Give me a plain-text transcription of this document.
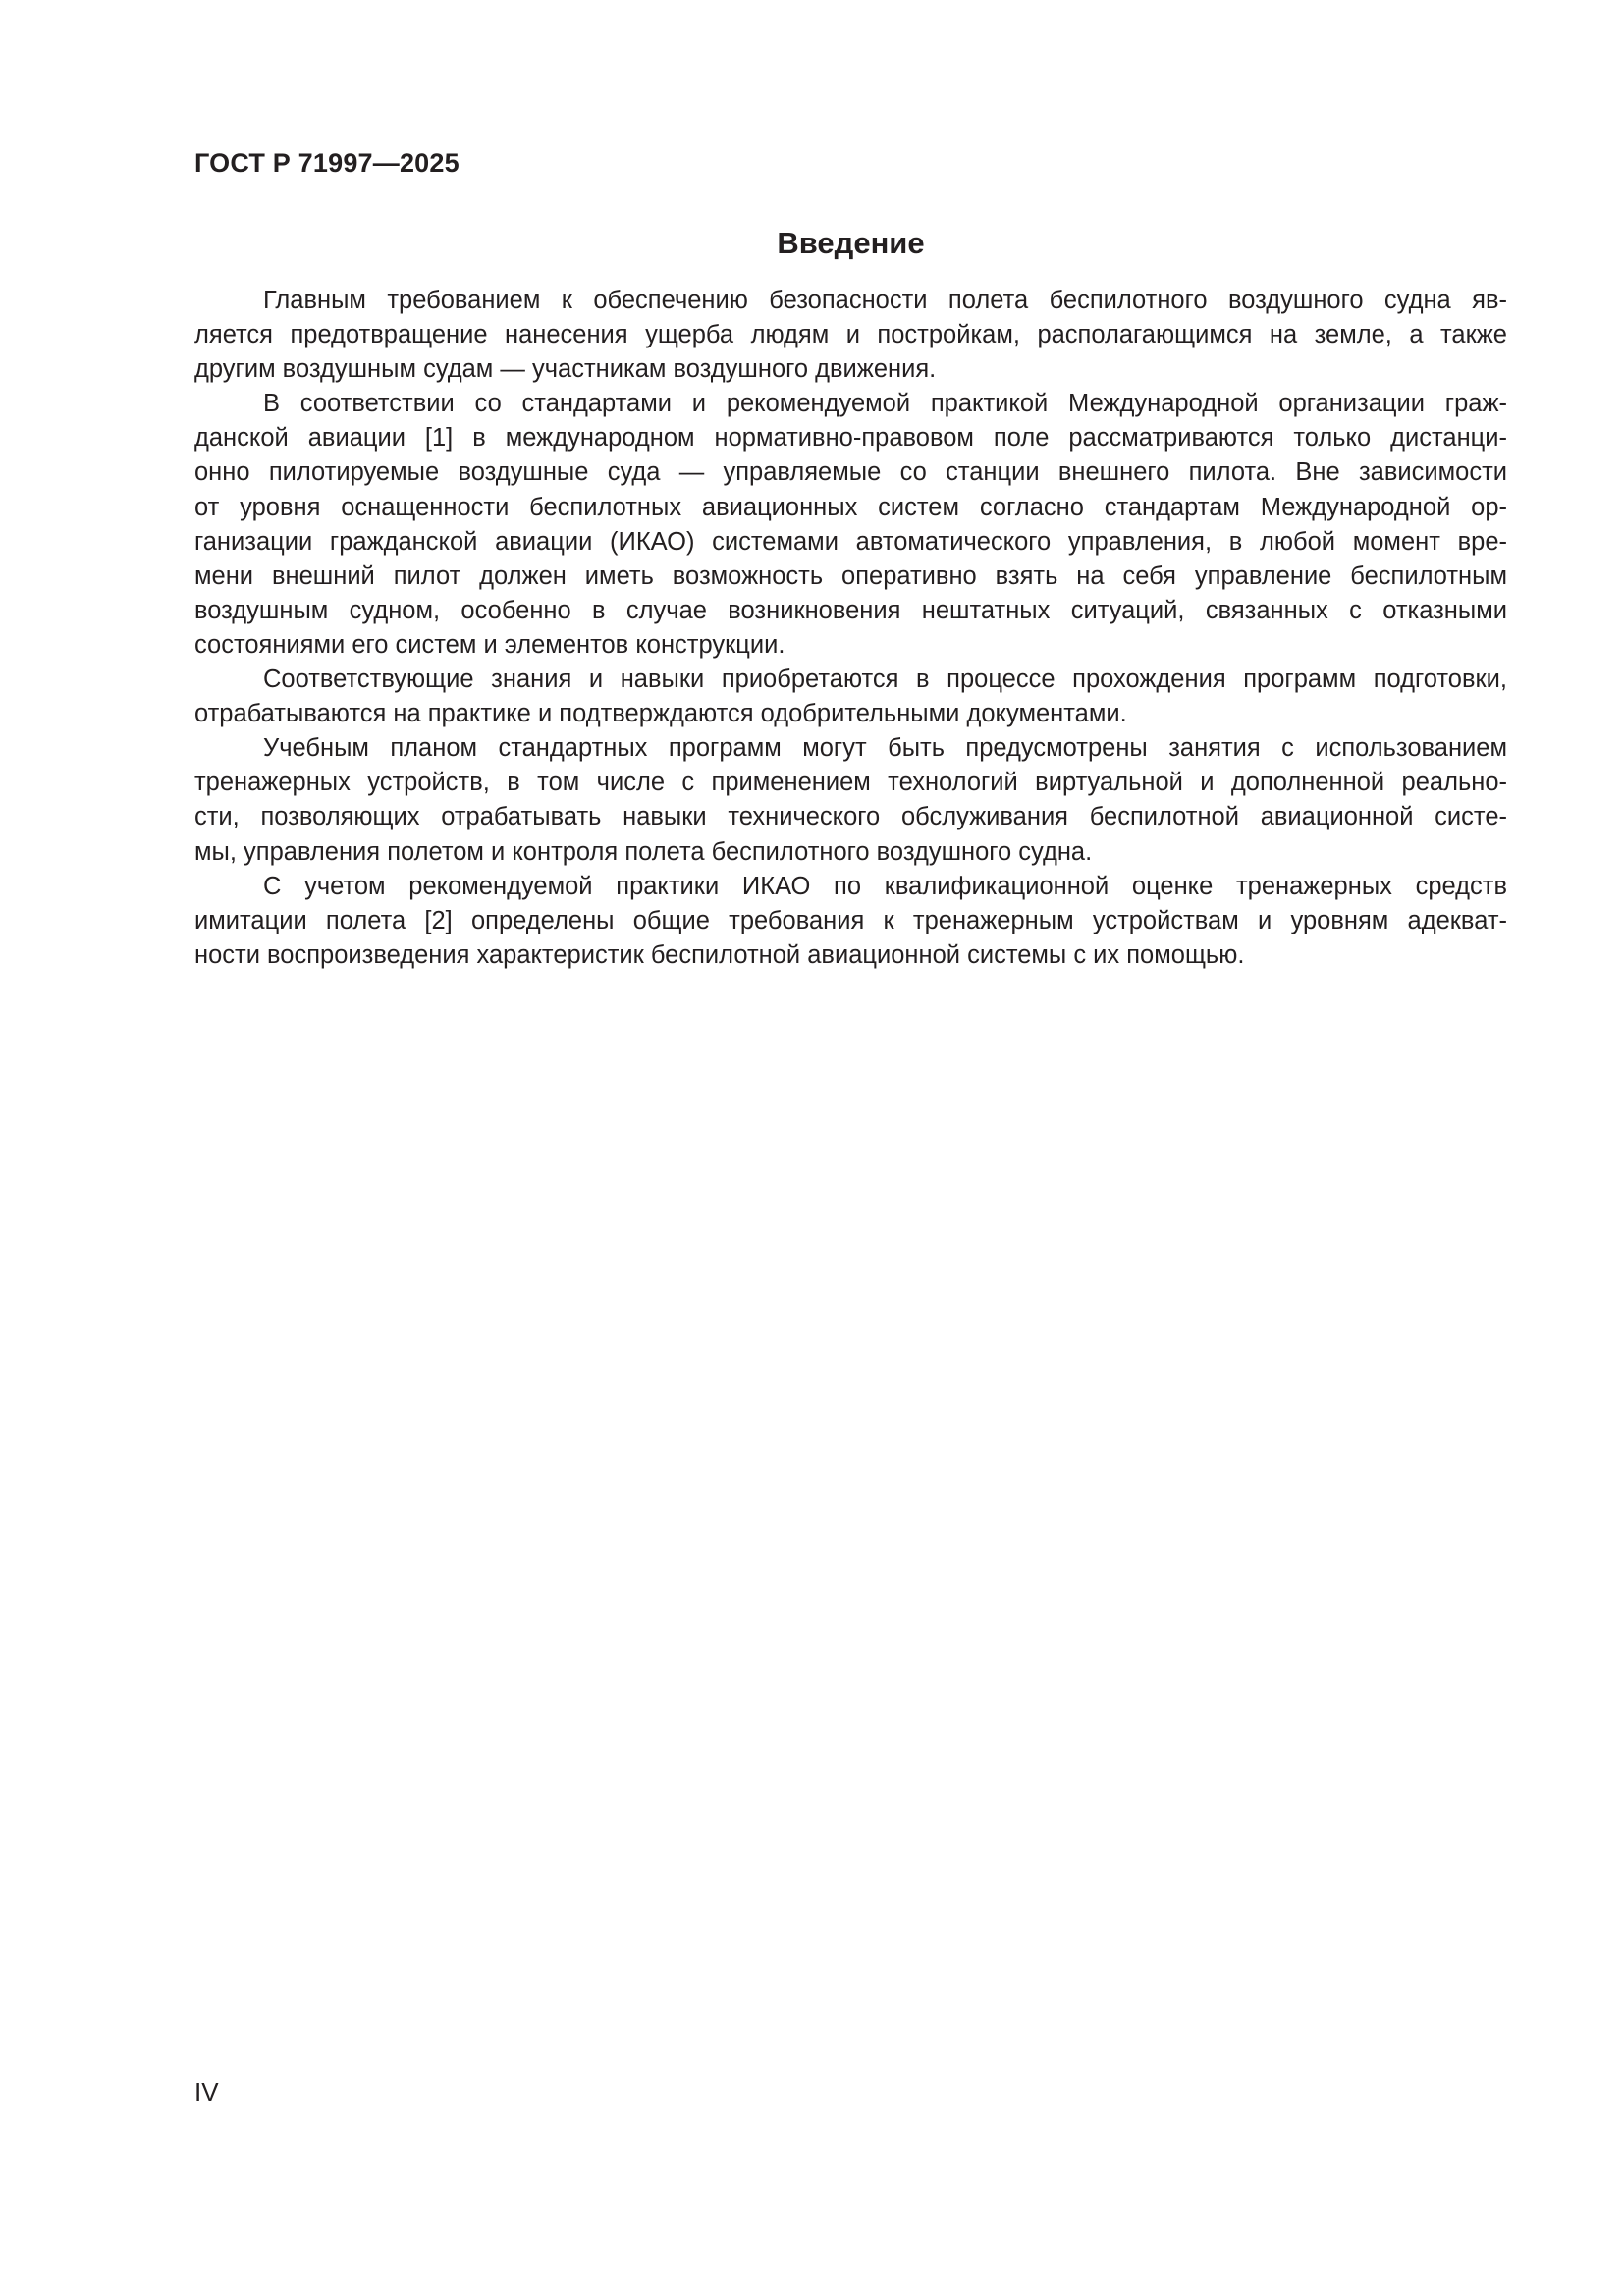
ГОСТ Р 71997—2025
Введение

Главным требованием к обеспечению безопасности полета беспилотного воздушного судна яв-
ляется предотвращение нанесения ущерба людям и постройкам, располагающимся на земле, а также
другим воздушным судам — участникам воздушного движения.

В соответствии со стандартами и рекомендуемой практикой Международной организации граж-
данской авиации [1] в международном нормативно-правовом поле рассматриваются только дистанци-
онно пилотируемые воздушные суда — управляемые со станции внешнего пилота. Вне зависимости
от уровня оснащенности беспилотных авиационных систем согласно стандартам Международной ор-
ганизации гражданской авиации (ИКАО) системами автоматического управления, в любой момент вре-
мени внешний пилот должен иметь возможность оперативно взять на себя управление беспилотным
воздушным судном, особенно в случае возникновения нештатных ситуаций, связанных с отказными
состояниями его систем и элементов конструкции.

Соответствующие знания и навыки приобретаются в процессе прохождения программ подготовки,
отрабатываются на практике и подтверждаются одобрительными документами.

Учебным планом стандартных программ могут быть предусмотрены занятия с использованием
тренажерных устройств, в том числе с применением технологий виртуальной и дополненной реально-
сти, позволяющих отрабатывать навыки технического обслуживания беспилотной авиационной систе-
мы, управления полетом и контроля полета беспилотного воздушного судна.

С учетом рекомендуемой практики ИКАО по квалификационной оценке тренажерных средств
имитации полета [2] определены общие требования к тренажерным устройствам и уровням адекват-
ности воспроизведения характеристик беспилотной авиационной системы с их помощью.

IV
